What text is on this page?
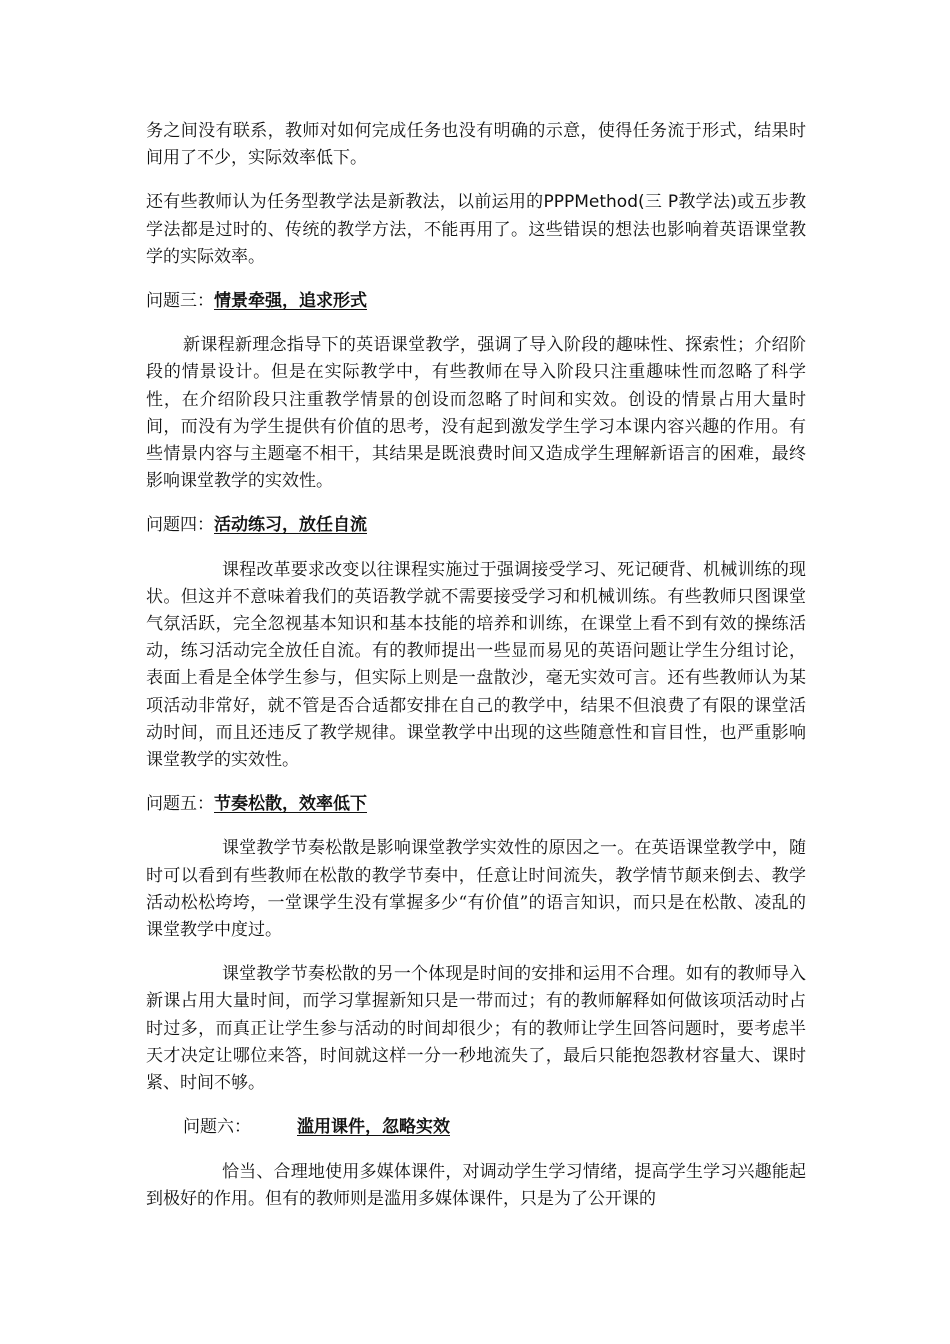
务之间没有联系，教师对如何完成任务也没有明确的示意，使得任务流于形式，结果时间用了不少，实际效率低下。

还有些教师认为任务型教学法是新教法，以前运用的PPPMethod(三 P教学法)或五步教学法都是过时的、传统的教学方法，不能再用了。这些错误的想法也影响着英语课堂教学的实际效率。

问题三：情景牵强，追求形式

新课程新理念指导下的英语课堂教学，强调了导入阶段的趣味性、探索性；介绍阶段的情景设计。但是在实际教学中，有些教师在导入阶段只注重趣味性而忽略了科学性，在介绍阶段只注重教学情景的创设而忽略了时间和实效。创设的情景占用大量时间，而没有为学生提供有价值的思考，没有起到激发学生学习本课内容兴趣的作用。有些情景内容与主题毫不相干，其结果是既浪费时间又造成学生理解新语言的困难，最终影响课堂教学的实效性。

问题四：活动练习，放任自流

课程改革要求改变以往课程实施过于强调接受学习、死记硬背、机械训练的现状。但这并不意味着我们的英语教学就不需要接受学习和机械训练。有些教师只图课堂气氛活跃，完全忽视基本知识和基本技能的培养和训练，在课堂上看不到有效的操练活动，练习活动完全放任自流。有的教师提出一些显而易见的英语问题让学生分组讨论，表面上看是全体学生参与，但实际上则是一盘散沙，毫无实效可言。还有些教师认为某项活动非常好，就不管是否合适都安排在自己的教学中，结果不但浪费了有限的课堂活动时间，而且还违反了教学规律。课堂教学中出现的这些随意性和盲目性，也严重影响课堂教学的实效性。

问题五：节奏松散，效率低下

课堂教学节奏松散是影响课堂教学实效性的原因之一。在英语课堂教学中，随时可以看到有些教师在松散的教学节奏中，任意让时间流失，教学情节颠来倒去、教学活动松松垮垮，一堂课学生没有掌握多少“有价值”的语言知识，而只是在松散、凌乱的课堂教学中度过。

课堂教学节奏松散的另一个体现是时间的安排和运用不合理。如有的教师导入新课占用大量时间，而学习掌握新知只是一带而过；有的教师解释如何做该项活动时占时过多，而真正让学生参与活动的时间却很少；有的教师让学生回答问题时，要考虑半天才决定让哪位来答，时间就这样一分一秒地流失了，最后只能抱怨教材容量大、课时紧、时间不够。

问题六：	滥用课件，忽略实效

恰当、合理地使用多媒体课件，对调动学生学习情绪，提高学生学习兴趣能起到极好的作用。但有的教师则是滥用多媒体课件，只是为了公开课的
